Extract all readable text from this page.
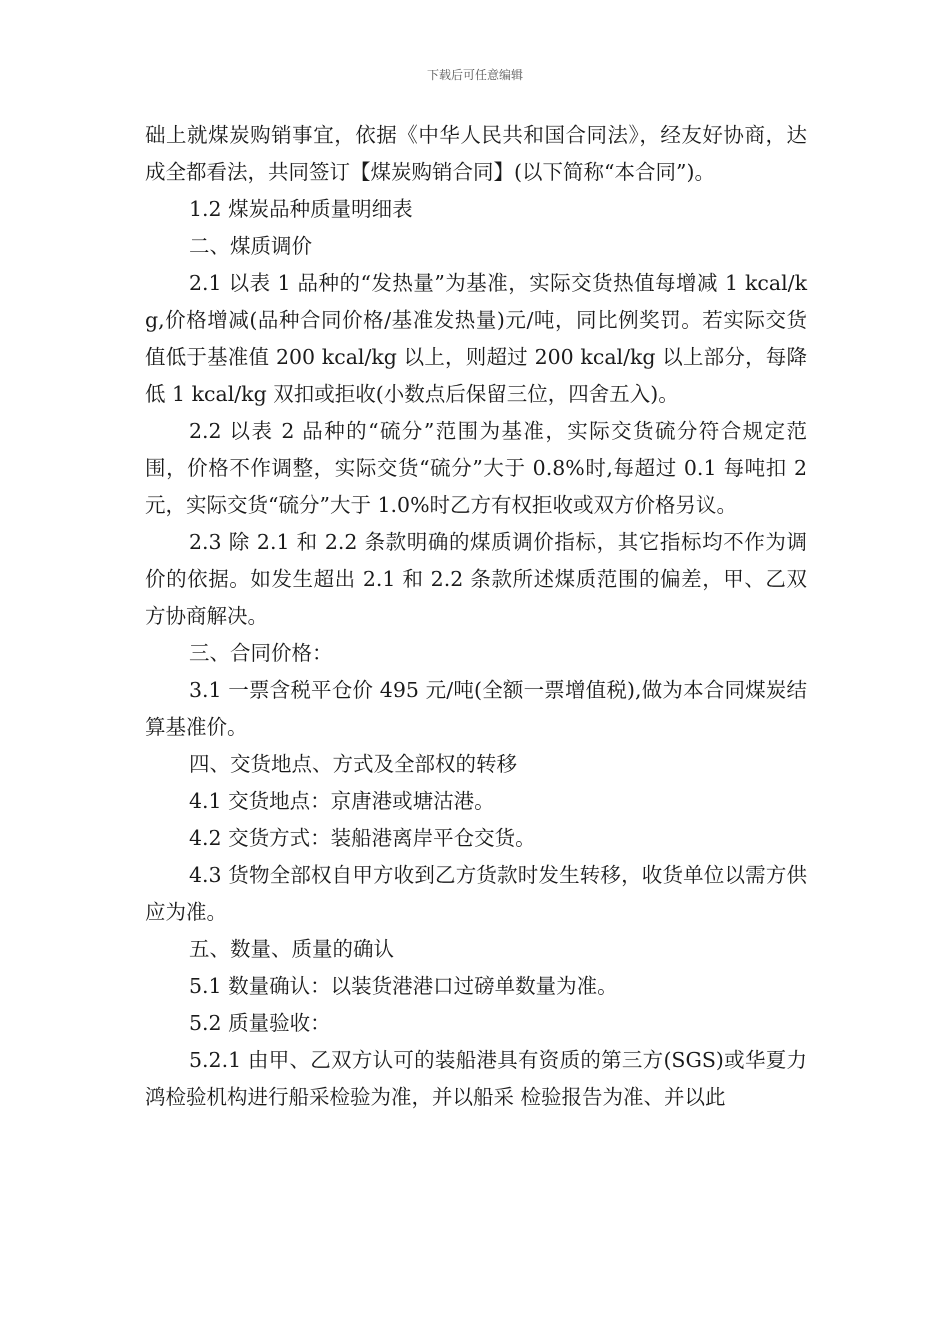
下载后可任意编辑

础上就煤炭购销事宜，依据《中华人民共和国合同法》，经友好协商，达成全都看法，共同签订【煤炭购销合同】(以下简称“本合同”)。

1.2 煤炭品种质量明细表

二、煤质调价

2.1 以表 1 品种的“发热量”为基准，实际交货热值每增减 1 kcal/kg,价格增减(品种合同价格/基准发热量)元/吨，同比例奖罚。若实际交货值低于基准值 200 kcal/kg 以上，则超过 200 kcal/kg 以上部分，每降低 1 kcal/kg 双扣或拒收(小数点后保留三位，四舍五入)。

2.2 以表 2 品种的“硫分”范围为基准，实际交货硫分符合规定范围，价格不作调整，实际交货“硫分”大于 0.8%时,每超过 0.1 每吨扣 2 元，实际交货“硫分”大于 1.0%时乙方有权拒收或双方价格另议。

2.3 除 2.1 和 2.2 条款明确的煤质调价指标，其它指标均不作为调价的依据。如发生超出 2.1 和 2.2 条款所述煤质范围的偏差，甲、乙双方协商解决。

三、合同价格：

3.1 一票含税平仓价 495 元/吨(全额一票增值税),做为本合同煤炭结算基准价。

四、交货地点、方式及全部权的转移

4.1 交货地点：京唐港或塘沽港。

4.2 交货方式：装船港离岸平仓交货。

4.3 货物全部权自甲方收到乙方货款时发生转移，收货单位以需方供应为准。

五、数量、质量的确认

5.1 数量确认：以装货港港口过磅单数量为准。

5.2 质量验收：

5.2.1 由甲、乙双方认可的装船港具有资质的第三方(SGS)或华夏力鸿检验机构进行船采检验为准，并以船采 检验报告为准、并以此
